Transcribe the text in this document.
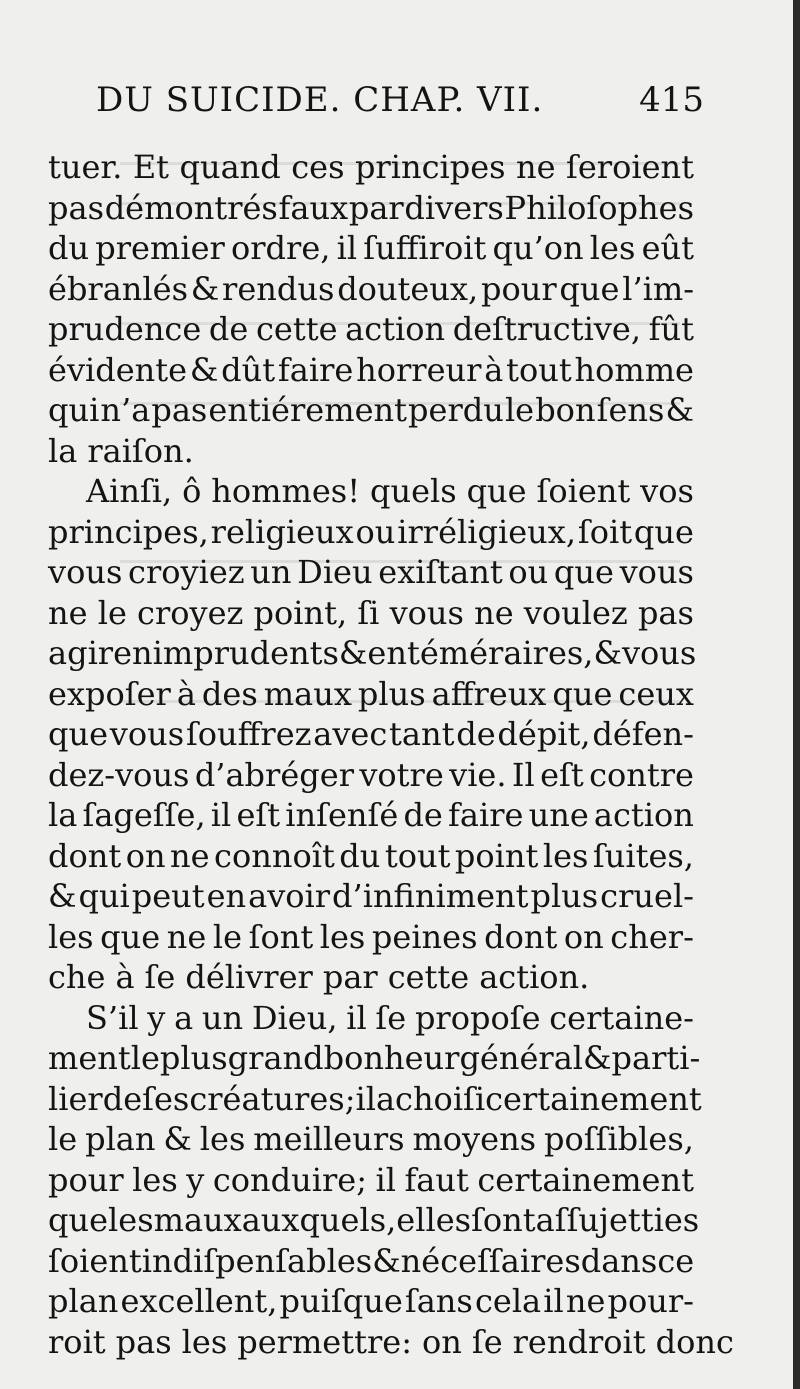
DU SUICIDE. CHAP. VII.	415
tuer. Et quand ces principes ne ſeroient
pas démontrés faux par divers Philoſophes
du premier ordre, il ſuffiroit qu’on les eût
ébranlés & rendus douteux, pour que l’im-
prudence de cette action deſtructive, fût
évidente & dût faire horreur à tout homme
qui n’a pas entiérement perdu le bon ſens &
la raiſon.
Ainſi, ô hommes! quels que ſoient vos
principes, religieux ou irréligieux, ſoit que
vous croyiez un Dieu exiſtant ou que vous
ne le croyez point, ſi vous ne voulez pas
agir en imprudents & en téméraires, & vous
expoſer à des maux plus affreux que ceux
que vous ſouffrez avec tant de dépit, défen-
dez-vous d’abréger votre vie. Il eſt contre
la ſageſſe, il eſt inſenſé de faire une action
dont on ne connoît du tout point les ſuites,
& qui peut en avoir d’infiniment plus cruel-
les que ne le ſont les peines dont on cher-
che à ſe délivrer par cette action.
S’il y a un Dieu, il ſe propoſe certaine-
ment le plus grand bonheur général & parti-
lier de ſes créatures; il a choiſi certainement
le plan & les meilleurs moyens poſſibles,
pour les y conduire; il faut certainement
que les maux auxquels, elles ſont aſſujetties
ſoient indiſpenſables & néceſſaires dans ce
plan excellent, puiſque ſans cela il ne pour-
roit pas les permettre: on ſe rendroit donc
